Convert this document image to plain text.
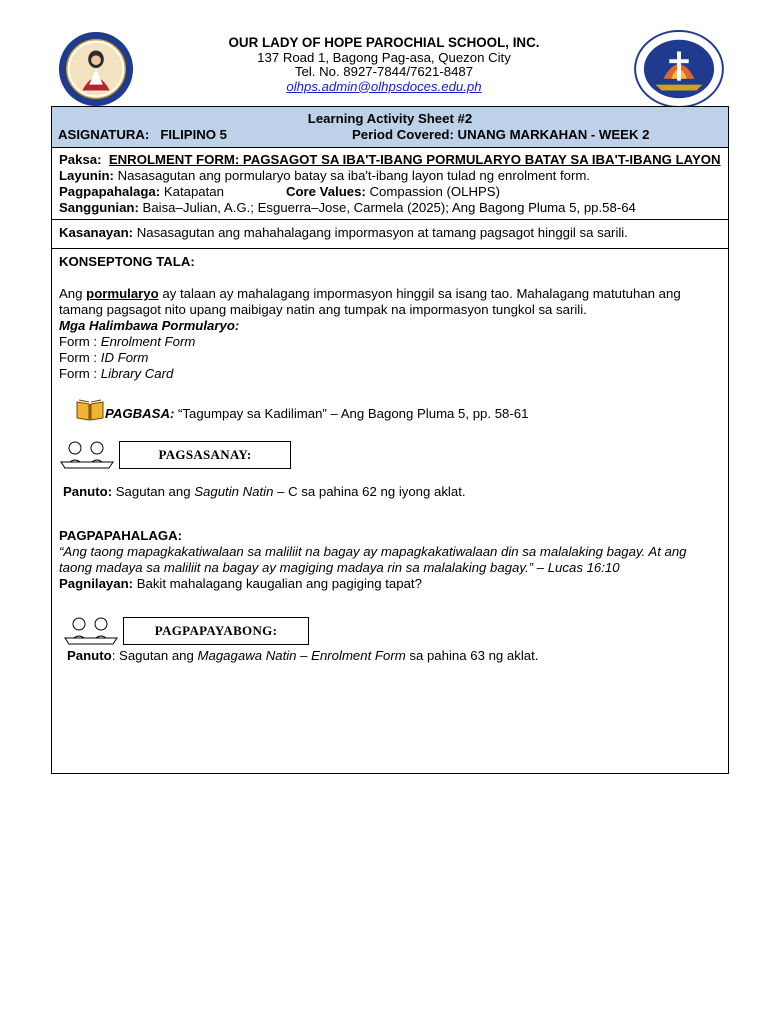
OUR LADY OF HOPE PAROCHIAL SCHOOL, INC.
137 Road 1, Bagong Pag-asa, Quezon City
Tel. No. 8927-7844/7621-8487
olhps.admin@olhpsdoces.edu.ph
Learning Activity Sheet #2
ASIGNATURA: FILIPINO 5	Period Covered: UNANG MARKAHAN - WEEK 2

Paksa: ENROLMENT FORM: PAGSAGOT SA IBA'T-IBANG PORMULARYO BATAY SA IBA'T-IBANG LAYON

Layunin: Nasasagutan ang pormularyo batay sa iba't-ibang layon tulad ng enrolment form.

Pagpapahalaga: Katapatan	Core Values: Compassion (OLHPS)

Sanggunian: Baisa–Julian, A.G.; Esguerra–Jose, Carmela (2025); Ang Bagong Pluma 5, pp.58-64

Kasanayan: Nasasagutan ang mahahalagang impormasyon at tamang pagsagot hinggil sa sarili.

KONSEPTONG TALA:

Ang pormularyo ay talaan ay mahalagang impormasyon hinggil sa isang tao. Mahalagang matutuhan ang tamang pagsagot nito upang maibigay natin ang tumpak na impormasyon tungkol sa sarili.

Mga Halimbawa Pormularyo:

Form : Enrolment Form

Form : ID Form

Form : Library Card

PAGBASA: “Tagumpay sa Kadiliman” – Ang Bagong Pluma 5, pp. 58-61
PAGSASANAY:

Panuto: Sagutan ang Sagutin Natin – C sa pahina 62 ng iyong aklat.

PAGPAPAHALAGA:

“Ang taong mapagkakatiwalaan sa maliliit na bagay ay mapagkakatiwalaan din sa malalaking bagay. At ang taong madaya sa maliliit na bagay ay magiging madaya rin sa malalaking bagay.” – Lucas 16:10

Pagnilayan: Bakit mahalagang kaugalian ang pagiging tapat?

PAGPAPAYABONG:

Panuto: Sagutan ang Magagawa Natin – Enrolment Form sa pahina 63 ng aklat.
